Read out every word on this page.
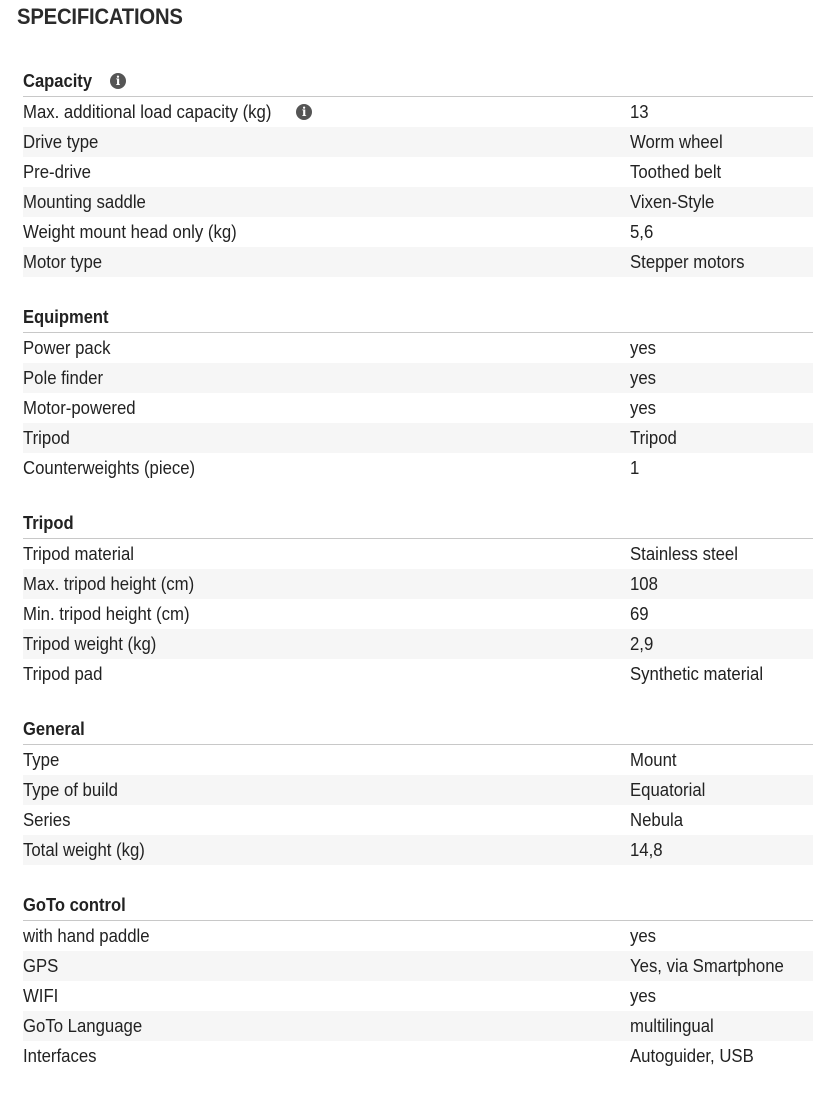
SPECIFICATIONS
Capacity	i
Max. additional load capacity (kg)	i	13
Drive type	Worm wheel
Pre-drive	Toothed belt
Mounting saddle	Vixen-Style
Weight mount head only (kg)	5,6
Motor type	Stepper motors
Equipment
Power pack	yes
Pole finder	yes
Motor-powered	yes
Tripod	Tripod
Counterweights (piece)	1
Tripod
Tripod material	Stainless steel
Max. tripod height (cm)	108
Min. tripod height (cm)	69
Tripod weight (kg)	2,9
Tripod pad	Synthetic material
General
Type	Mount
Type of build	Equatorial
Series	Nebula
Total weight (kg)	14,8
GoTo control
with hand paddle	yes
GPS	Yes, via Smartphone
WIFI	yes
GoTo Language	multilingual
Interfaces	Autoguider, USB
